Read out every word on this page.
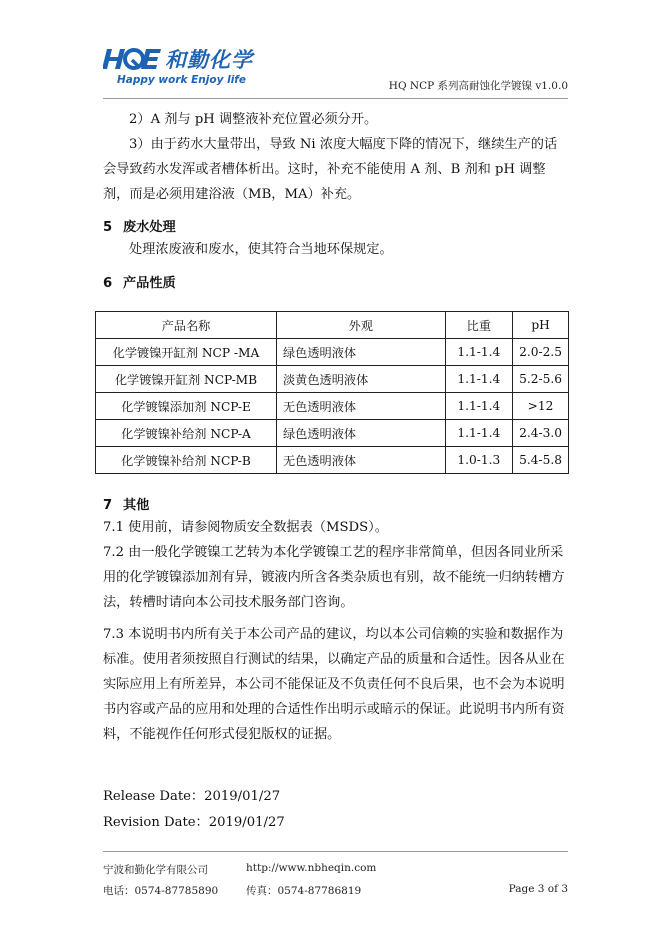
和勤化学
Happy work Enjoy life	HQ NCP 系列高耐蚀化学镀镍 v1.0.0

2）A 剂与 pH 调整液补充位置必须分开。

3）由于药水大量带出，导致 Ni 浓度大幅度下降的情况下，继续生产的话会导致药水发浑或者槽体析出。这时，补充不能使用 A 剂、B 剂和 pH 调整剂，而是必须用建浴液（MB，MA）补充。

5 废水处理

处理浓废液和废水，使其符合当地环保规定。

6 产品性质
产品名称	外观	比重	pH
化学镀镍开缸剂 NCP -MA	绿色透明液体	1.1-1.4	2.0-2.5
化学镀镍开缸剂 NCP-MB	淡黄色透明液体	1.1-1.4	5.2-5.6
化学镀镍添加剂 NCP-E	无色透明液体	1.1-1.4	>12
化学镀镍补给剂 NCP-A	绿色透明液体	1.1-1.4	2.4-3.0
化学镀镍补给剂 NCP-B	无色透明液体	1.0-1.3	5.4-5.8
7 其他

7.1 使用前，请参阅物质安全数据表（MSDS）。

7.2 由一般化学镀镍工艺转为本化学镀镍工艺的程序非常简单，但因各同业所采用的化学镀镍添加剂有异，镀液内所含各类杂质也有别，故不能统一归纳转槽方法，转槽时请向本公司技术服务部门咨询。

7.3 本说明书内所有关于本公司产品的建议，均以本公司信赖的实验和数据作为标准。使用者须按照自行测试的结果，以确定产品的质量和合适性。因各从业在实际应用上有所差异，本公司不能保证及不负责任何不良后果，也不会为本说明书内容或产品的应用和处理的合适性作出明示或暗示的保证。此说明书内所有资料，不能视作任何形式侵犯版权的证据。

Release Date：2019/01/27
Revision Date：2019/01/27
宁波和勤化学有限公司	http://www.nbheqin.com
电话：0574-87785890	传真：0574-87786819	Page 3 of 3
